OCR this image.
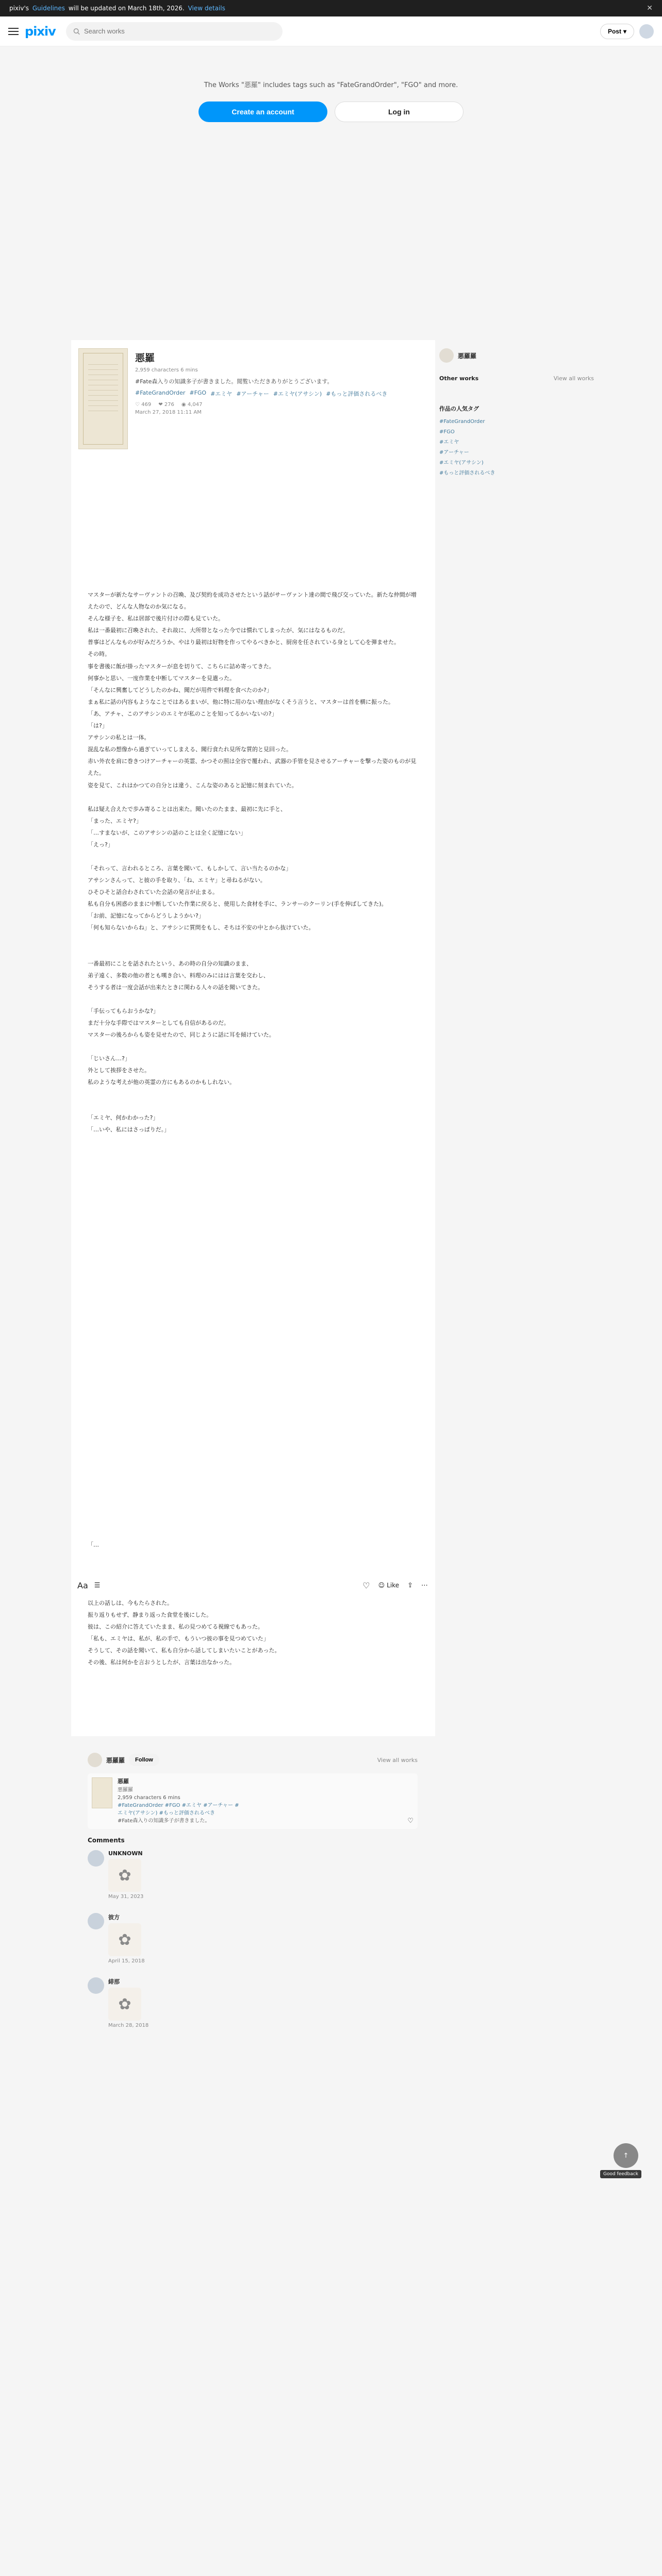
pixiv's
Guidelines
will be updated on March 18th, 2026.
View details	✕
pixiv
Search works	Post ▾
The Works "悪羅" includes tags such as "FateGrandOrder", "FGO" and more.
Create an account	Log in
悪羅
2,959 characters 6 mins
#Fate森入りの知識多子が書きました。閲覧いただきありがとうございます。
#FateGrandOrder #FGO #エミヤ #アーチャー #エミヤ(アサシン) #もっと評価されるべき
♡ 469 ❤ 276 ◉ 4,047
March 27, 2018 11:11 AM

マスターが新たなサーヴァントの召喚、及び契約を成功させたという話がサーヴァント達の間で飛び交っていた。新たな仲間が増えたので、どんな人物なのか気になる。

そんな様子を、私は居部で後片付けの際も見ていた。

私は一番最初に召喚された、それ故に、大所帯となった今では慣れてしまったが、気にはなるものだ。

普事はどんなものが好みだろうか、やはり最初は好物を作ってやるべきかと、厨房を任されている身として心を弾ませた。

その時。

事を書後に飯が掛ったマスターが息を切りて、こちらに詰め寄ってきた。

何事かと思い、一度作業を中断してマスターを見遣った。

「そんなに興奮してどうしたのかね、聞だが用件で料理を食べたのか?」

まぁ私に話の内容もようなことではあるまいが、他に特に用のない理由がなくそう言うと、マスターは首を横に振った。

「あ、アチャ、このアサシンのエミヤが私のことを知ってるかいないの?」

「は?」

アサシンの私とは一体。

混乱な私の想像から過ぎていってしまえる、聞行食たれ見所な質的と見回った。

赤い外衣を肩に巻きつけアーチャーの英霊、かつその照は全容で覆われ、武器の手管を見させるアーチャーを撃った姿のものが見えた。

姿を見て、これはかつての自分とは違う、こんな姿のあると記憶に刻まれていた。

私は疑え合えたで歩み寄ることは出来た。聞いたのたまま、最初に先に手と、

「まった、エミヤ?」

「…すまないが、このアサシンの話のことは全く記憶にない」

「えっ?」

「それって、言われるところ、言葉を聞いて、もしかして、言い当たるのかな」

アサシンさんって、と彼の手を取り、「ね、エミヤ」と尋ねるがない。

ひそひそと話合わされていた会話の発言が止まる。

私も自分も困惑のままに中断していた作業に戻ると、使用した食材を手に、ランサーのクーリン(手を伸ばしてきた)。

「お前、記憶になってからどうしようかい?」

「何も知らないからね」と、アサシンに質問をもし、そちは不安の中とから抜けていた。

一番最初にことを話されたという、あの時の自分の知識のまま、

弟子遠く、多数の他の者とも嘆き合い、料理のみにはは言葉を交わし、

そうする者は一度会話が出来たときに関わる人々の話を聞いてきた。

「手伝ってもらおうかな?」

まだ十分な手際ではマスターとしても自信があるのだ。

マスターの後ろからも姿を見せたので、同じように話に耳を傾けていた。

「じいさん…?」

外として挨拶をさせた。

私のような考えが他の英霊の方にもあるのかもしれない。

「エミヤ、何かわかった?」

「…いや、私にはさっぱりだ。」

「…

Aa ☰	♡ ☺ Like ⇪ ⋯

以上の話しは、今もたらされた。

振り返りもせず、静まり返った食堂を後にした。

彼は、この紹介に答えていたまま、私の見つめてる視線でもあった。

「私も、エミヤは、私が、私の手で、もういつ彼の事を見つめていた」

そうして、その話を聞いて、私も自分から話してしまいたいことがあった。

その後、私は何かを言おうとしたが、言葉は出なかった。

悪羅羅	Follow	View all works
悪羅
悪羅羅
2,959 characters 6 mins
#FateGrandOrder #FGO #エミヤ #アーチャー #エミヤ(アサシン) #もっと評価されるべき
#Fate森入りの知識多子が書きました。	♡
Comments
UNKNOWN
✿
May 31, 2023
彼方
✿
April 15, 2018
緋那
✿
March 28, 2018
悪羅羅
Other works	View all works
作品の人気タグ
#FateGrandOrder
#FGO
#エミヤ
#アーチャー
#エミヤ(アサシン)
#もっと評価されるべき
↑
Good feedback
